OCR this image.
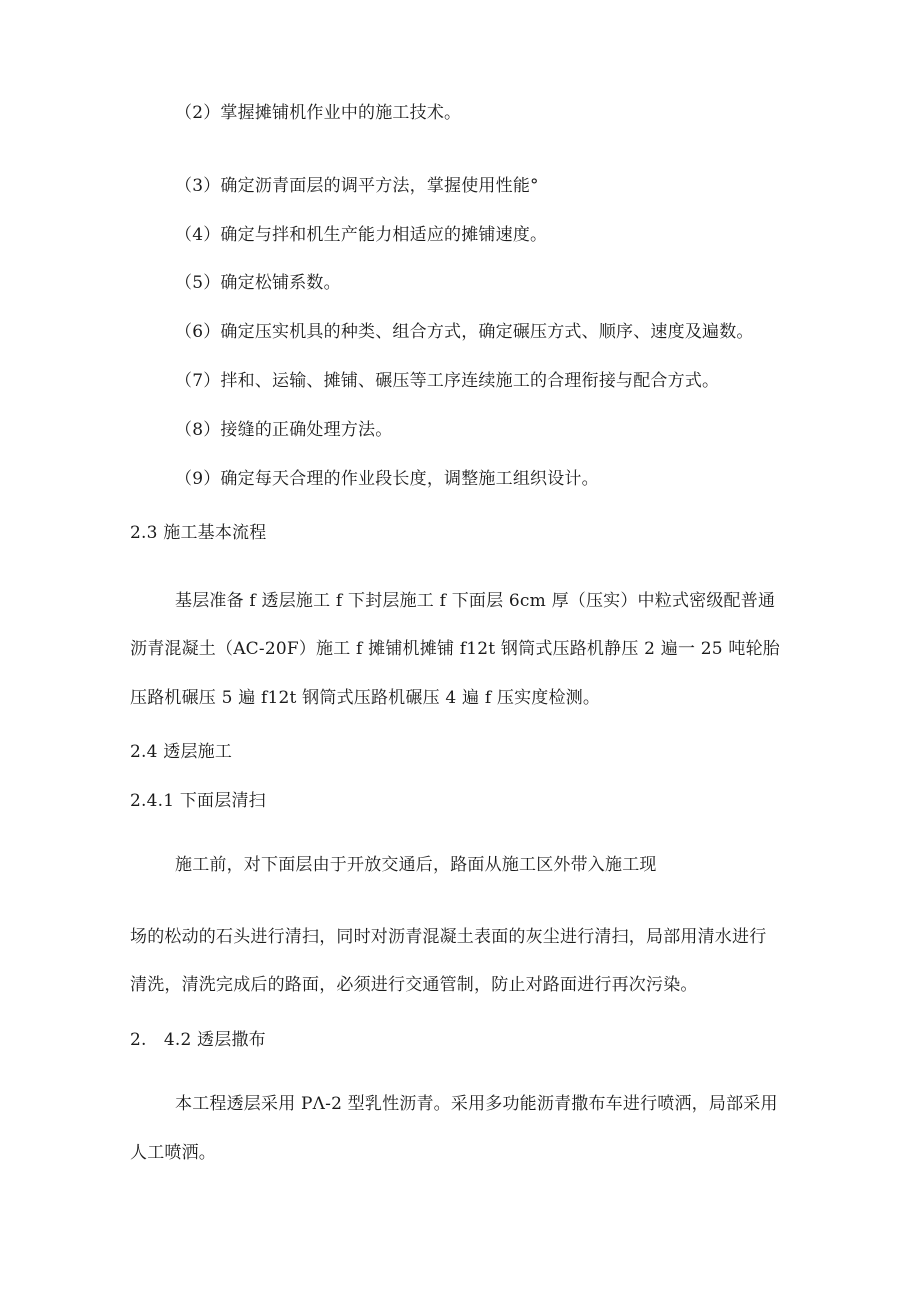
（2）掌握摊铺机作业中的施工技术。
（3）确定沥青面层的调平方法，掌握使用性能°
（4）确定与拌和机生产能力相适应的摊铺速度。
（5）确定松铺系数。
（6）确定压实机具的种类、组合方式，确定碾压方式、顺序、速度及遍数。
（7）拌和、运输、摊铺、碾压等工序连续施工的合理衔接与配合方式。
（8）接缝的正确处理方法。
（9）确定每天合理的作业段长度，调整施工组织设计。
2.3 施工基本流程
基层准备 f 透层施工 f 下封层施工 f 下面层 6cm 厚（压实）中粒式密级配普通
沥青混凝土（AC-20F）施工 f 摊铺机摊铺 f12t 钢筒式压路机静压 2 遍一 25 吨轮胎
压路机碾压 5 遍 f12t 钢筒式压路机碾压 4 遍 f 压实度检测。
2.4 透层施工
2.4.1 下面层清扫
施工前，对下面层由于开放交通后，路面从施工区外带入施工现
场的松动的石头进行清扫，同时对沥青混凝土表面的灰尘进行清扫，局部用清水进行
清洗，清洗完成后的路面，必须进行交通管制，防止对路面进行再次污染。
2.　4.2 透层撒布
本工程透层采用 PΛ-2 型乳性沥青。采用多功能沥青撒布车进行喷洒，局部采用
人工喷洒。
